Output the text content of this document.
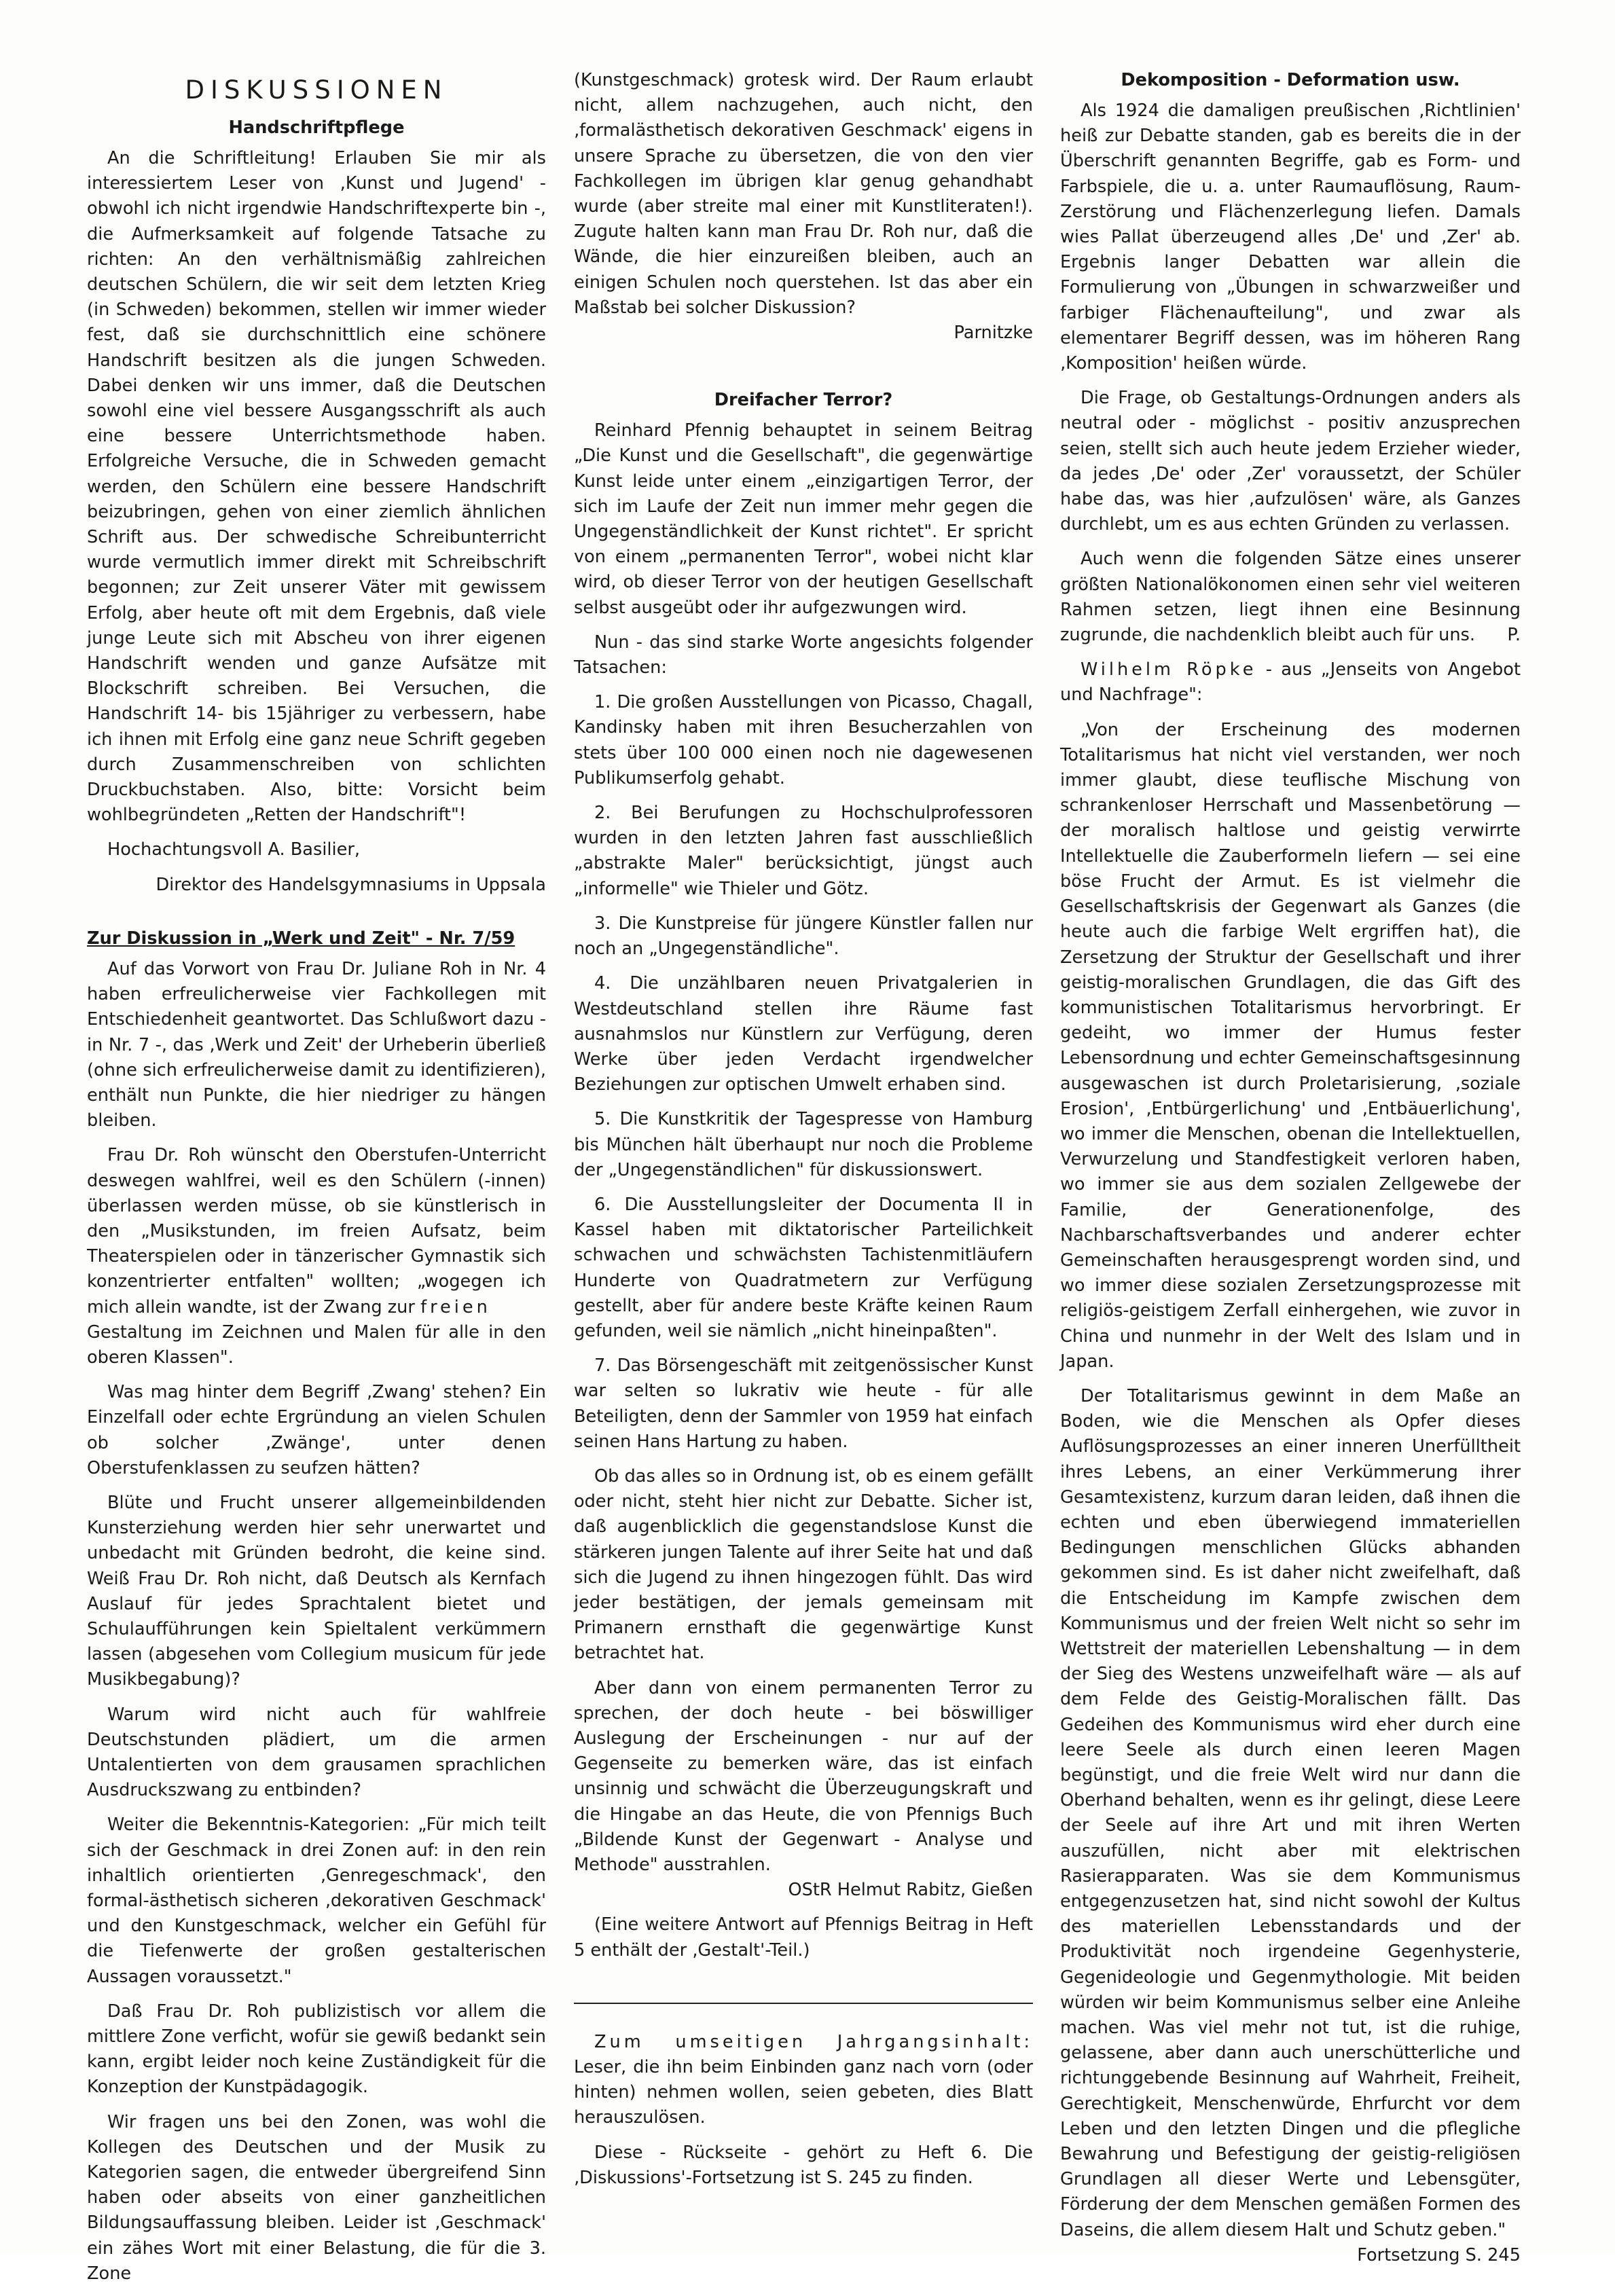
DISKUSSIONEN
Handschriftpflege

An die Schriftleitung! Erlauben Sie mir als interessiertem Leser von ‚Kunst und Jugend' - obwohl ich nicht irgendwie Handschriftexperte bin -, die Aufmerksamkeit auf folgende Tatsache zu richten: An den verhältnismäßig zahlreichen deutschen Schülern, die wir seit dem letzten Krieg (in Schweden) bekommen, stellen wir immer wieder fest, daß sie durchschnittlich eine schönere Handschrift besitzen als die jungen Schweden. Dabei denken wir uns immer, daß die Deutschen sowohl eine viel bessere Ausgangsschrift als auch eine bessere Unterrichtsmethode haben. Erfolgreiche Versuche, die in Schweden gemacht werden, den Schülern eine bessere Handschrift beizubringen, gehen von einer ziemlich ähnlichen Schrift aus. Der schwedische Schreibunterricht wurde vermutlich immer direkt mit Schreibschrift begonnen; zur Zeit unserer Väter mit gewissem Erfolg, aber heute oft mit dem Ergebnis, daß viele junge Leute sich mit Abscheu von ihrer eigenen Handschrift wenden und ganze Aufsätze mit Blockschrift schreiben. Bei Versuchen, die Handschrift 14- bis 15jähriger zu verbessern, habe ich ihnen mit Erfolg eine ganz neue Schrift gegeben durch Zusammenschreiben von schlichten Druckbuchstaben. Also, bitte: Vorsicht beim wohlbegründeten „Retten der Handschrift"!

Hochachtungsvoll A. Basilier,

Direktor des Handelsgymnasiums in Uppsala

Zur Diskussion in „Werk und Zeit" - Nr. 7/59

Auf das Vorwort von Frau Dr. Juliane Roh in Nr. 4 haben erfreulicherweise vier Fachkollegen mit Entschiedenheit geantwortet. Das Schlußwort dazu - in Nr. 7 -, das ‚Werk und Zeit' der Urheberin überließ (ohne sich erfreulicherweise damit zu identifizieren), enthält nun Punkte, die hier niedriger zu hängen bleiben.

Frau Dr. Roh wünscht den Oberstufen-Unterricht deswegen wahlfrei, weil es den Schülern (-innen) überlassen werden müsse, ob sie künstlerisch in den „Musikstunden, im freien Aufsatz, beim Theaterspielen oder in tänzerischer Gymnastik sich konzentrierter entfalten" wollten; „wogegen ich mich allein wandte, ist der Zwang zur freien

Gestaltung im Zeichnen und Malen für alle in den oberen Klassen".

Was mag hinter dem Begriff ‚Zwang' stehen? Ein Einzelfall oder echte Ergründung an vielen Schulen ob solcher ‚Zwänge', unter denen Oberstufenklassen zu seufzen hätten?

Blüte und Frucht unserer allgemeinbildenden Kunsterziehung werden hier sehr unerwartet und unbedacht mit Gründen bedroht, die keine sind. Weiß Frau Dr. Roh nicht, daß Deutsch als Kernfach Auslauf für jedes Sprachtalent bietet und Schulaufführungen kein Spieltalent verkümmern lassen (abgesehen vom Collegium musicum für jede Musikbegabung)?

Warum wird nicht auch für wahlfreie Deutschstunden plädiert, um die armen Untalentierten von dem grausamen sprachlichen Ausdruckszwang zu entbinden?

Weiter die Bekenntnis-Kategorien: „Für mich teilt sich der Geschmack in drei Zonen auf: in den rein inhaltlich orientierten ‚Genregeschmack', den formal-ästhetisch sicheren ‚dekorativen Geschmack' und den Kunstgeschmack, welcher ein Gefühl für die Tiefenwerte der großen gestalterischen Aussagen voraussetzt."

Daß Frau Dr. Roh publizistisch vor allem die mittlere Zone verficht, wofür sie gewiß bedankt sein kann, ergibt leider noch keine Zuständigkeit für die Konzeption der Kunstpädagogik.

Wir fragen uns bei den Zonen, was wohl die Kollegen des Deutschen und der Musik zu Kategorien sagen, die entweder übergreifend Sinn haben oder abseits von einer ganzheitlichen Bildungsauffassung bleiben. Leider ist ‚Geschmack' ein zähes Wort mit einer Belastung, die für die 3. Zone

(Kunstgeschmack) grotesk wird. Der Raum erlaubt nicht, allem nachzugehen, auch nicht, den ‚formalästhetisch dekorativen Geschmack' eigens in unsere Sprache zu übersetzen, die von den vier Fachkollegen im übrigen klar genug gehandhabt wurde (aber streite mal einer mit Kunstliteraten!). Zugute halten kann man Frau Dr. Roh nur, daß die Wände, die hier einzureißen bleiben, auch an einigen Schulen noch querstehen. Ist das aber ein Maßstab bei solcher Diskussion?

Parnitzke

Dreifacher Terror?

Reinhard Pfennig behauptet in seinem Beitrag „Die Kunst und die Gesellschaft", die gegenwärtige Kunst leide unter einem „einzigartigen Terror, der sich im Laufe der Zeit nun immer mehr gegen die Ungegenständlichkeit der Kunst richtet". Er spricht von einem „permanenten Terror", wobei nicht klar wird, ob dieser Terror von der heutigen Gesellschaft selbst ausgeübt oder ihr aufgezwungen wird.

Nun - das sind starke Worte angesichts folgender Tatsachen:

1. Die großen Ausstellungen von Picasso, Chagall, Kandinsky haben mit ihren Besucherzahlen von stets über 100 000 einen noch nie dagewesenen Publikumserfolg gehabt.

2. Bei Berufungen zu Hochschulprofessoren wurden in den letzten Jahren fast ausschließlich „abstrakte Maler" berücksichtigt, jüngst auch „informelle" wie Thieler und Götz.

3. Die Kunstpreise für jüngere Künstler fallen nur noch an „Ungegenständliche".

4. Die unzählbaren neuen Privatgalerien in Westdeutschland stellen ihre Räume fast ausnahmslos nur Künstlern zur Verfügung, deren Werke über jeden Verdacht irgendwelcher Beziehungen zur optischen Umwelt erhaben sind.

5. Die Kunstkritik der Tagespresse von Hamburg bis München hält überhaupt nur noch die Probleme der „Ungegenständlichen" für diskussionswert.

6. Die Ausstellungsleiter der Documenta II in Kassel haben mit diktatorischer Parteilichkeit schwachen und schwächsten Tachistenmitläufern Hunderte von Quadratmetern zur Verfügung gestellt, aber für andere beste Kräfte keinen Raum gefunden, weil sie nämlich „nicht hineinpaßten".

7. Das Börsengeschäft mit zeitgenössischer Kunst war selten so lukrativ wie heute - für alle Beteiligten, denn der Sammler von 1959 hat einfach seinen Hans Hartung zu haben.

Ob das alles so in Ordnung ist, ob es einem gefällt oder nicht, steht hier nicht zur Debatte. Sicher ist, daß augenblicklich die gegenstandslose Kunst die stärkeren jungen Talente auf ihrer Seite hat und daß sich die Jugend zu ihnen hingezogen fühlt. Das wird jeder bestätigen, der jemals gemeinsam mit Primanern ernsthaft die gegenwärtige Kunst betrachtet hat.

Aber dann von einem permanenten Terror zu sprechen, der doch heute - bei böswilliger Auslegung der Erscheinungen - nur auf der Gegenseite zu bemerken wäre, das ist einfach unsinnig und schwächt die Überzeugungskraft und die Hingabe an das Heute, die von Pfennigs Buch „Bildende Kunst der Gegenwart - Analyse und Methode" ausstrahlen.

OStR Helmut Rabitz, Gießen

(Eine weitere Antwort auf Pfennigs Beitrag in Heft 5 enthält der ‚Gestalt'-Teil.)

Zum umseitigen Jahrgangsinhalt: Leser, die ihn beim Einbinden ganz nach vorn (oder hinten) nehmen wollen, seien gebeten, dies Blatt herauszulösen.

Diese - Rückseite - gehört zu Heft 6. Die ‚Diskussions'-Fortsetzung ist S. 245 zu finden.

Dekomposition - Deformation usw.

Als 1924 die damaligen preußischen ‚Richtlinien' heiß zur Debatte standen, gab es bereits die in der Überschrift genannten Begriffe, gab es Form- und Farbspiele, die u. a. unter Raumauflösung, Raum-Zerstörung und Flächenzerlegung liefen. Damals wies Pallat überzeugend alles ‚De' und ‚Zer' ab. Ergebnis langer Debatten war allein die Formulierung von „Übungen in schwarzweißer und farbiger Flächenaufteilung", und zwar als elementarer Begriff dessen, was im höheren Rang ‚Komposition' heißen würde.

Die Frage, ob Gestaltungs-Ordnungen anders als neutral oder - möglichst - positiv anzusprechen seien, stellt sich auch heute jedem Erzieher wieder, da jedes ‚De' oder ‚Zer' voraussetzt, der Schüler habe das, was hier ‚aufzulösen' wäre, als Ganzes durchlebt, um es aus echten Gründen zu verlassen.

Auch wenn die folgenden Sätze eines unserer größten Nationalökonomen einen sehr viel weiteren Rahmen setzen, liegt ihnen eine Besinnung zugrunde, die nachdenklich bleibt auch für uns.	P.

Wilhelm Röpke - aus „Jenseits von Angebot und Nachfrage":

„Von der Erscheinung des modernen Totalitarismus hat nicht viel verstanden, wer noch immer glaubt, diese teuflische Mischung von schrankenloser Herrschaft und Massenbetörung — der moralisch haltlose und geistig verwirrte Intellektuelle die Zauberformeln liefern — sei eine böse Frucht der Armut. Es ist vielmehr die Gesellschaftskrisis der Gegenwart als Ganzes (die heute auch die farbige Welt ergriffen hat), die Zersetzung der Struktur der Gesellschaft und ihrer geistig-moralischen Grundlagen, die das Gift des kommunistischen Totalitarismus hervorbringt. Er gedeiht, wo immer der Humus fester Lebensordnung und echter Gemeinschaftsgesinnung ausgewaschen ist durch Proletarisierung, ‚soziale Erosion', ‚Entbürgerlichung' und ‚Entbäuerlichung', wo immer die Menschen, obenan die Intellektuellen, Verwurzelung und Standfestigkeit verloren haben, wo immer sie aus dem sozialen Zellgewebe der Familie, der Generationenfolge, des Nachbarschaftsverbandes und anderer echter Gemeinschaften herausgesprengt worden sind, und wo immer diese sozialen Zersetzungsprozesse mit religiös-geistigem Zerfall einhergehen, wie zuvor in China und nunmehr in der Welt des Islam und in Japan.

Der Totalitarismus gewinnt in dem Maße an Boden, wie die Menschen als Opfer dieses Auflösungsprozesses an einer inneren Unerfülltheit ihres Lebens, an einer Verkümmerung ihrer Gesamtexistenz, kurzum daran leiden, daß ihnen die echten und eben überwiegend immateriellen Bedingungen menschlichen Glücks abhanden gekommen sind. Es ist daher nicht zweifelhaft, daß die Entscheidung im Kampfe zwischen dem Kommunismus und der freien Welt nicht so sehr im Wettstreit der materiellen Lebenshaltung — in dem der Sieg des Westens unzweifelhaft wäre — als auf dem Felde des Geistig-Moralischen fällt. Das Gedeihen des Kommunismus wird eher durch eine leere Seele als durch einen leeren Magen begünstigt, und die freie Welt wird nur dann die Oberhand behalten, wenn es ihr gelingt, diese Leere der Seele auf ihre Art und mit ihren Werten auszufüllen, nicht aber mit elektrischen Rasierapparaten. Was sie dem Kommunismus entgegenzusetzen hat, sind nicht sowohl der Kultus des materiellen Lebensstandards und der Produktivität noch irgendeine Gegenhysterie, Gegenideologie und Gegenmythologie. Mit beiden würden wir beim Kommunismus selber eine Anleihe machen. Was viel mehr not tut, ist die ruhige, gelassene, aber dann auch unerschütterliche und richtunggebende Besinnung auf Wahrheit, Freiheit, Gerechtigkeit, Menschenwürde, Ehrfurcht vor dem Leben und den letzten Dingen und die pflegliche Bewahrung und Befestigung der geistig-religiösen Grundlagen all dieser Werte und Lebensgüter, Förderung der dem Menschen gemäßen Formen des Daseins, die allem diesem Halt und Schutz geben."

Fortsetzung S. 245
